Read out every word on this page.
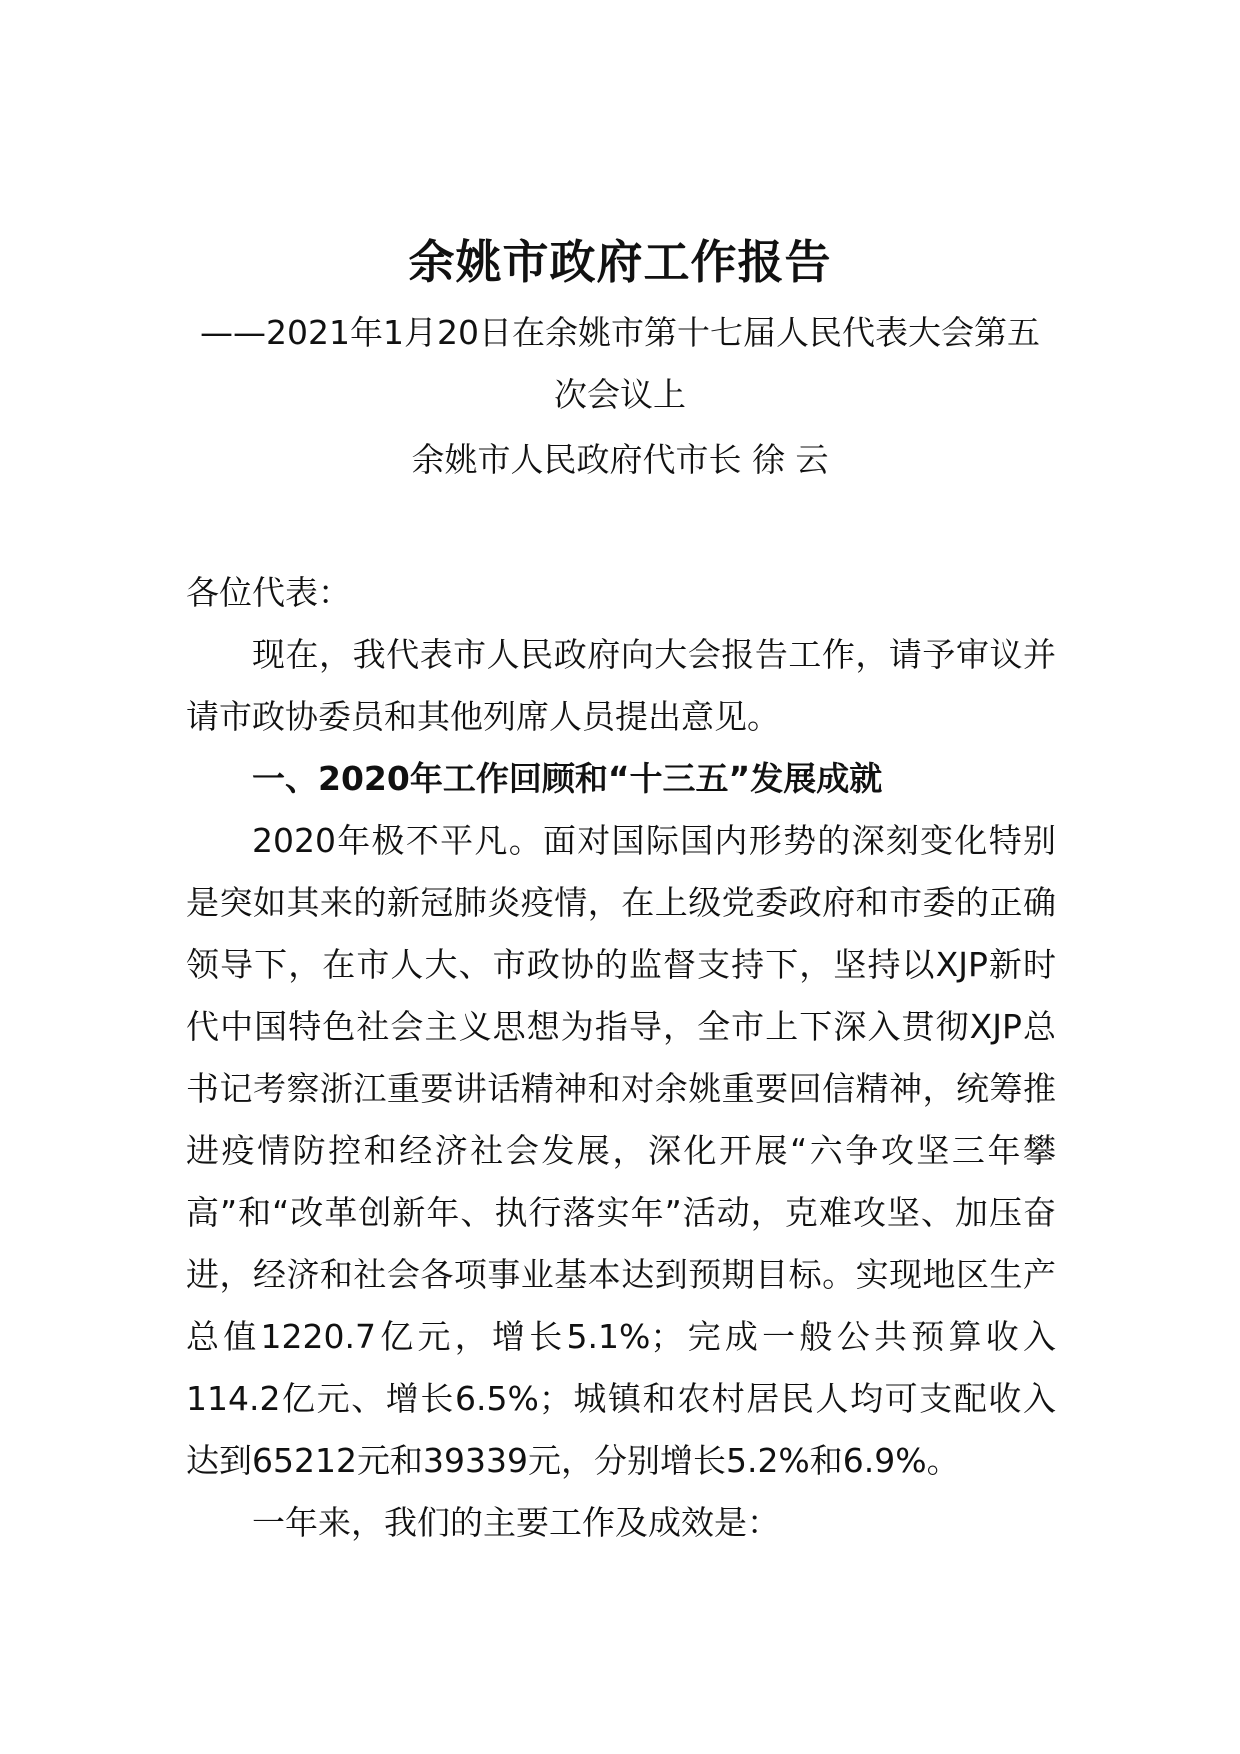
余姚市政府工作报告
——2021年1月20日在余姚市第十七届人民代表大会第五次会议上
余姚市人民政府代市长 徐 云

各位代表：

现在，我代表市人民政府向大会报告工作，请予审议并请市政协委员和其他列席人员提出意见。

一、2020年工作回顾和“十三五”发展成就

2020年极不平凡。面对国际国内形势的深刻变化特别是突如其来的新冠肺炎疫情，在上级党委政府和市委的正确领导下，在市人大、市政协的监督支持下，坚持以XJP新时代中国特色社会主义思想为指导，全市上下深入贯彻XJP总书记考察浙江重要讲话精神和对余姚重要回信精神，统筹推进疫情防控和经济社会发展，深化开展“六争攻坚三年攀高”和“改革创新年、执行落实年”活动，克难攻坚、加压奋进，经济和社会各项事业基本达到预期目标。实现地区生产总值1220.7亿元，增长5.1%；完成一般公共预算收入114.2亿元、增长6.5%；城镇和农村居民人均可支配收入达到65212元和39339元，分别增长5.2%和6.9%。

一年来，我们的主要工作及成效是：
